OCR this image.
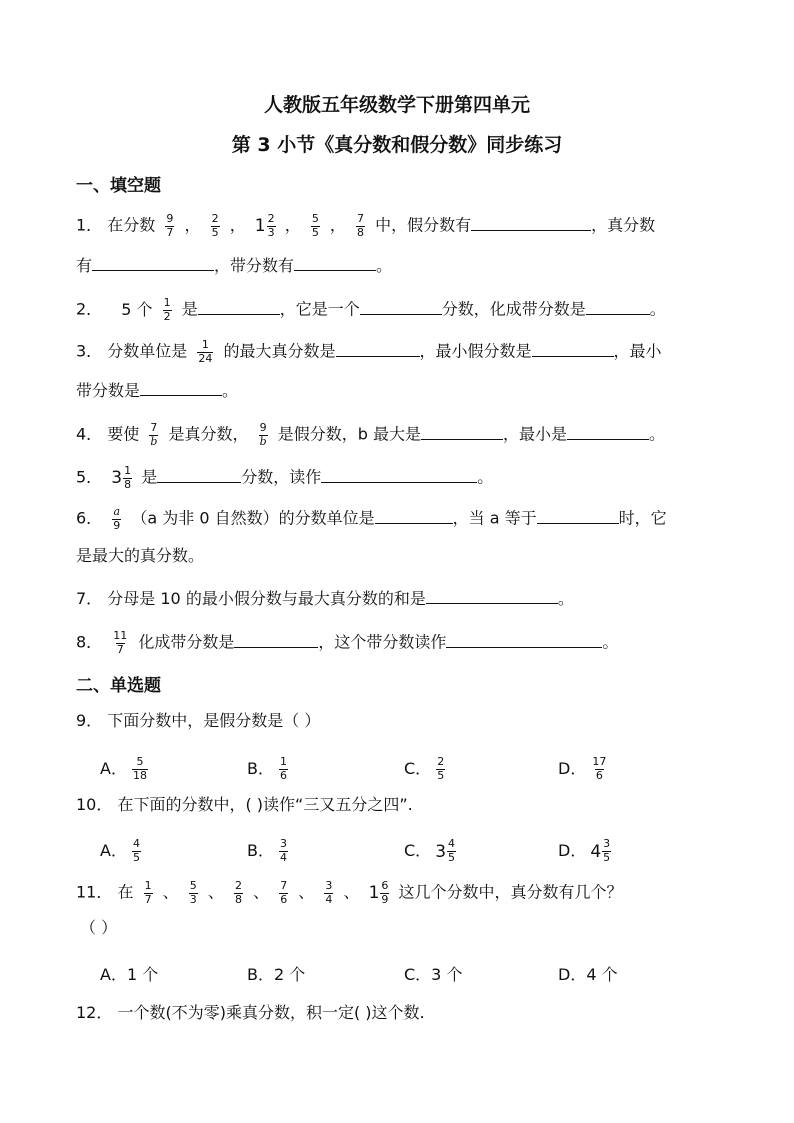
人教版五年级数学下册第四单元
第 3 小节《真分数和假分数》同步练习
一、填空题
1． 在分数 $\frac{9}{7}$ ， $\frac{2}{5}$ ， $1 \frac{2}{3}$ ， $\frac{5}{5}$ ， $\frac{7}{8}$ 中，假分数有	，真分数
有	，带分数有	。
2． 5 个 $\frac{1}{2}$ 是	，它是一个	分数，化成带分数是	。
3． 分数单位是 $\frac{1}{24}$ 的最大真分数是	，最小假分数是	，最小
带分数是	。
4． 要使 $\frac{7}{b}$ 是真分数， $\frac{9}{b}$ 是假分数，b 最大是	，最小是	。
5． $3 \frac{1}{8}$ 是	分数，读作	。
6． $\frac{a}{9} (a$ 为非 0 自然数）的分数单位是	，当 a 等于	时，它
是最大的真分数。
7． 分母是 10 的最小假分数与最大真分数的和是	。
8． $\frac{11}{7}$ 化成带分数是	，这个带分数读作	。
二、单选题
9． 下面分数中，是假分数是（ ）
A． $\frac{5}{18}$	B． $\frac{1}{6}$	C． $\frac{2}{5}$	D． $\frac{17}{6}$
10． 在下面的分数中，( )读作“三又五分之四”.
A． $\frac{4}{5}$	B． $\frac{3}{4}$	C． $3 \frac{4}{5}$	D． $4 \frac{3}{5}$
11． 在 $\frac{1}{7}$ 、 $\frac{5}{3}$ 、 $\frac{2}{8}$ 、 $\frac{7}{6}$ 、 $\frac{3}{4}$ 、 $1 \frac{6}{9}$ 这几个分数中，真分数有几个？
（ ）
A．1 个	B．2 个	C．3 个	D．4 个
12． 一个数(不为零)乘真分数，积一定( )这个数.
